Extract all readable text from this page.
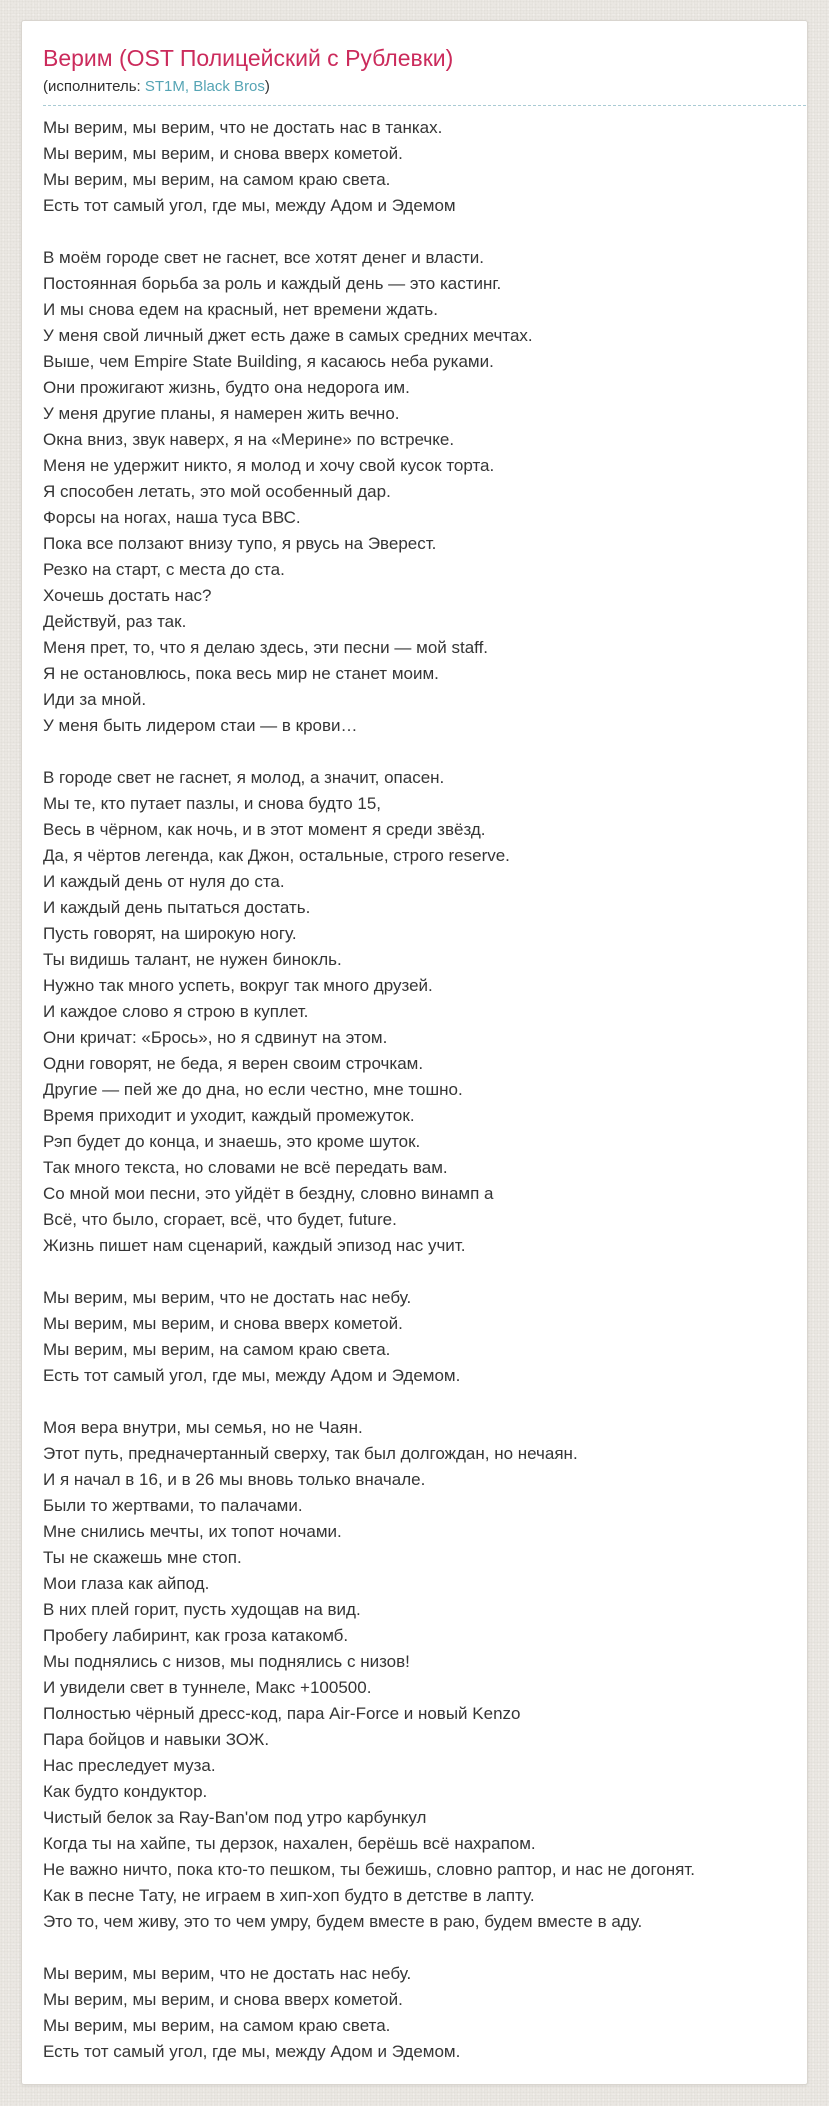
Верим (OST Полицейский с Рублевки)
(исполнитель: ST1M, Black Bros)

Мы верим, мы верим, что не достать нас в танках.
Мы верим, мы верим, и снова вверх кометой.
Мы верим, мы верим, на самом краю света.
Есть тот самый угол, где мы, между Адом и Эдемом

В моём городе свет не гаснет, все хотят денег и власти.
Постоянная борьба за роль и каждый день — это кастинг.
И мы снова едем на красный, нет времени ждать.
У меня свой личный джет есть даже в самых средних мечтах.
Выше, чем Empire State Building, я касаюсь неба руками.
Они прожигают жизнь, будто она недорога им.
У меня другие планы, я намерен жить вечно.
Окна вниз, звук наверх, я на «Мерине» по встречке.
Меня не удержит никто, я молод и хочу свой кусок торта.
Я способен летать, это мой особенный дар.
Форсы на ногах, наша туса ВВС.
Пока все ползают внизу тупо, я рвусь на Эверест.
Резко на старт, с места до ста.
Хочешь достать нас?
Действуй, раз так.
Меня прет, то, что я делаю здесь, эти песни — мой staff.
Я не остановлюсь, пока весь мир не станет моим.
Иди за мной.
У меня быть лидером стаи — в крови…

В городе свет не гаснет, я молод, а значит, опасен.
Мы те, кто путает пазлы, и снова будто 15,
Весь в чёрном, как ночь, и в этот момент я среди звёзд.
Да, я чёртов легенда, как Джон, остальные, строго reserve.
И каждый день от нуля до ста.
И каждый день пытаться достать.
Пусть говорят, на широкую ногу.
Ты видишь талант, не нужен бинокль.
Нужно так много успеть, вокруг так много друзей.
И каждое слово я строю в куплет.
Они кричат: «Брось», но я сдвинут на этом.
Одни говорят, не беда, я верен своим строчкам.
Другие — пей же до дна, но если честно, мне тошно.
Время приходит и уходит, каждый промежуток.
Рэп будет до конца, и знаешь, это кроме шуток.
Так много текста, но словами не всё передать вам.
Со мной мои песни, это уйдёт в бездну, словно винамп а
Всё, что было, сгорает, всё, что будет, future.
Жизнь пишет нам сценарий, каждый эпизод нас учит.

Мы верим, мы верим, что не достать нас небу.
Мы верим, мы верим, и снова вверх кометой.
Мы верим, мы верим, на самом краю света.
Есть тот самый угол, где мы, между Адом и Эдемом.

Моя вера внутри, мы семья, но не Чаян.
Этот путь, предначертанный сверху, так был долгождан, но нечаян.
И я начал в 16, и в 26 мы вновь только вначале.
Были то жертвами, то палачами.
Мне снились мечты, их топот ночами.
Ты не скажешь мне стоп.
Мои глаза как айпод.
В них плей горит, пусть худощав на вид.
Пробегу лабиринт, как гроза катакомб.
Мы поднялись с низов, мы поднялись с низов!
И увидели свет в туннеле, Макс +100500.
Полностью чёрный дресс-код, пара Air-Force и новый Kenzo
Пара бойцов и навыки ЗОЖ.
Нас преследует муза.
Как будто кондуктор.
Чистый белок за Ray-Ban'ом под утро карбункул
Когда ты на хайпе, ты дерзок, нахален, берёшь всё нахрапом.
Не важно ничто, пока кто-то пешком, ты бежишь, словно раптор, и нас не догонят.
Как в песне Тату, не играем в хип-хоп будто в детстве в лапту.
Это то, чем живу, это то чем умру, будем вместе в раю, будем вместе в аду.

Мы верим, мы верим, что не достать нас небу.
Мы верим, мы верим, и снова вверх кометой.
Мы верим, мы верим, на самом краю света.
Есть тот самый угол, где мы, между Адом и Эдемом.
